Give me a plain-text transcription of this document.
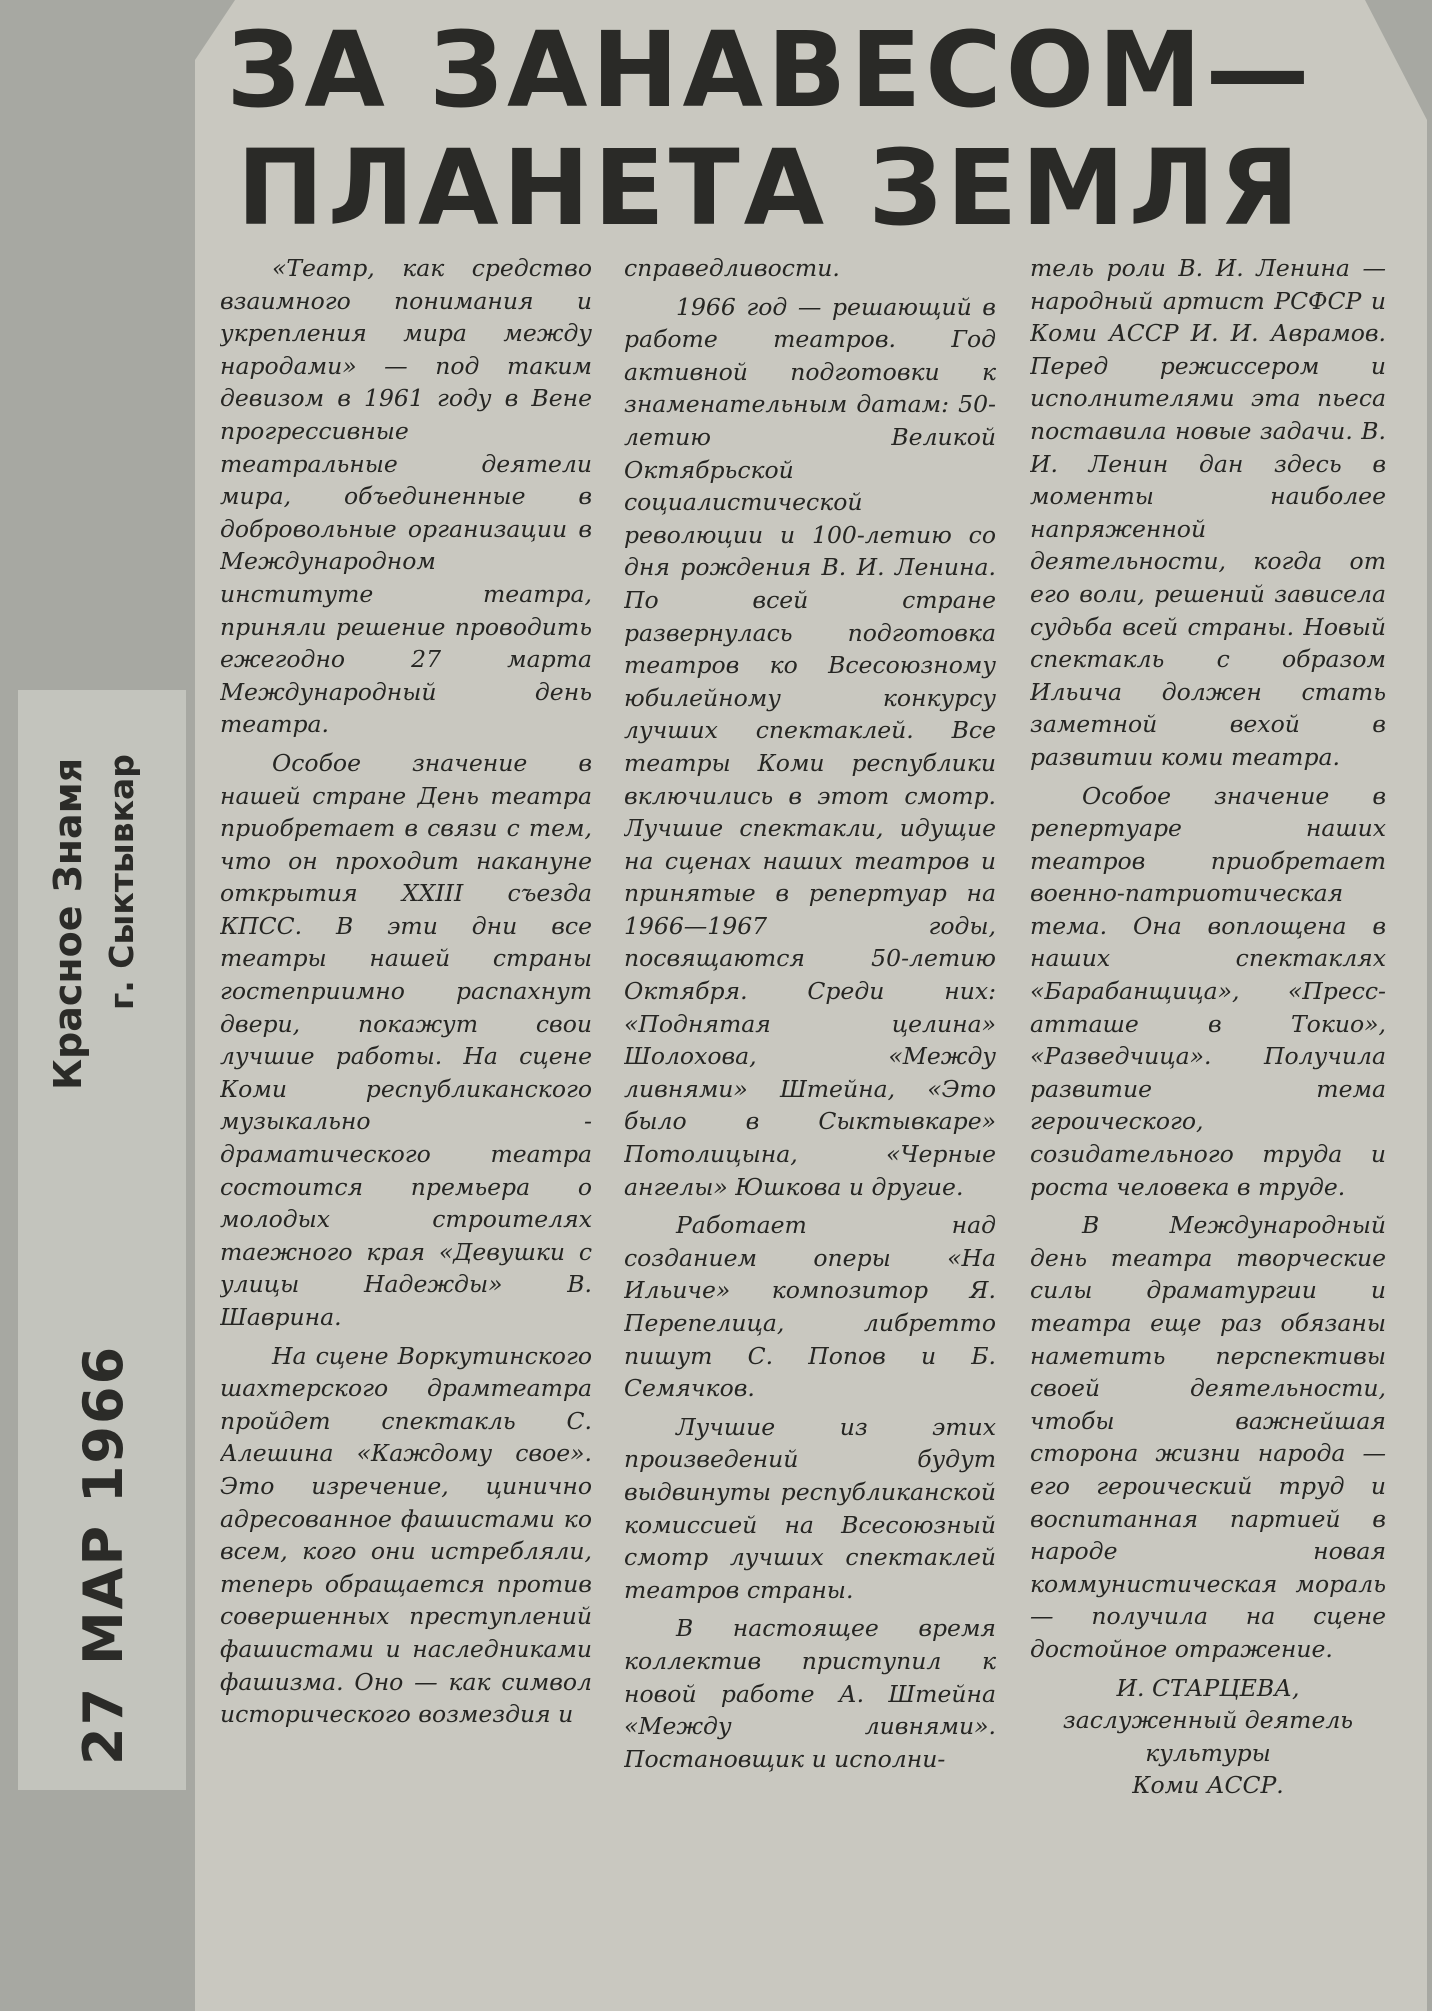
ЗА ЗАНАВЕСОМ—
ПЛАНЕТА ЗЕМЛЯ

«Театр, как средство взаимного понимания и укрепления мира между народами» — под таким девизом в 1961 году в Вене прогрессивные театральные деятели мира, объединенные в добровольные организации в Международном институте театра, приняли решение проводить ежегодно 27 марта Международный день театра.

Особое значение в нашей стране День театра приобретает в связи с тем, что он проходит накануне открытия XXIII съезда КПСС. В эти дни все театры нашей страны гостеприимно распахнут двери, покажут свои лучшие работы. На сцене Коми республиканского музыкально - драматического театра состоится премьера о молодых строителях таежного края «Девушки с улицы Надежды» В. Шаврина.

На сцене Воркутинского шахтерского драмтеатра пройдет спектакль С. Алешина «Каждому свое». Это изречение, цинично адресованное фашистами ко всем, кого они истребляли, теперь обращается против совершенных преступлений фашистами и наследниками фашизма. Оно — как символ исторического возмездия и

справедливости.

1966 год — решающий в работе театров. Год активной подготовки к знаменательным датам: 50-летию Великой Октябрьской социалистической революции и 100-летию со дня рождения В. И. Ленина. По всей стране развернулась подготовка театров ко Всесоюзному юбилейному конкурсу лучших спектаклей. Все театры Коми республики включились в этот смотр. Лучшие спектакли, идущие на сценах наших театров и принятые в репертуар на 1966—1967 годы, посвящаются 50-летию Октября. Среди них: «Поднятая целина» Шолохова, «Между ливнями» Штейна, «Это было в Сыктывкаре» Потолицына, «Черные ангелы» Юшкова и другие.

Работает над созданием оперы «На Ильиче» композитор Я. Перепелица, либретто пишут С. Попов и Б. Семячков.

Лучшие из этих произведений будут выдвинуты республиканской комиссией на Всесоюзный смотр лучших спектаклей театров страны.

В настоящее время коллектив приступил к новой работе А. Штейна «Между ливнями». Постановщик и исполни-

тель роли В. И. Ленина — народный артист РСФСР и Коми АССР И. И. Аврамов. Перед режиссером и исполнителями эта пьеса поставила новые задачи. В. И. Ленин дан здесь в моменты наиболее напряженной деятельности, когда от его воли, решений зависела судьба всей страны. Новый спектакль с образом Ильича должен стать заметной вехой в развитии коми театра.

Особое значение в репертуаре наших театров приобретает военно-патриотическая тема. Она воплощена в наших спектаклях «Барабанщица», «Пресс-атташе в Токио», «Разведчица». Получила развитие тема героического, созидательного труда и роста человека в труде.

В Международный день театра творческие силы драматургии и театра еще раз обязаны наметить перспективы своей деятельности, чтобы важнейшая сторона жизни народа — его героический труд и воспитанная партией в народе новая коммунистическая мораль — получила на сцене достойное отражение.

И. СТАРЦЕВА,

заслуженный деятель культуры

Коми АССР.

Красное Знамя г. Сыктывкар
27 МАР 1966
